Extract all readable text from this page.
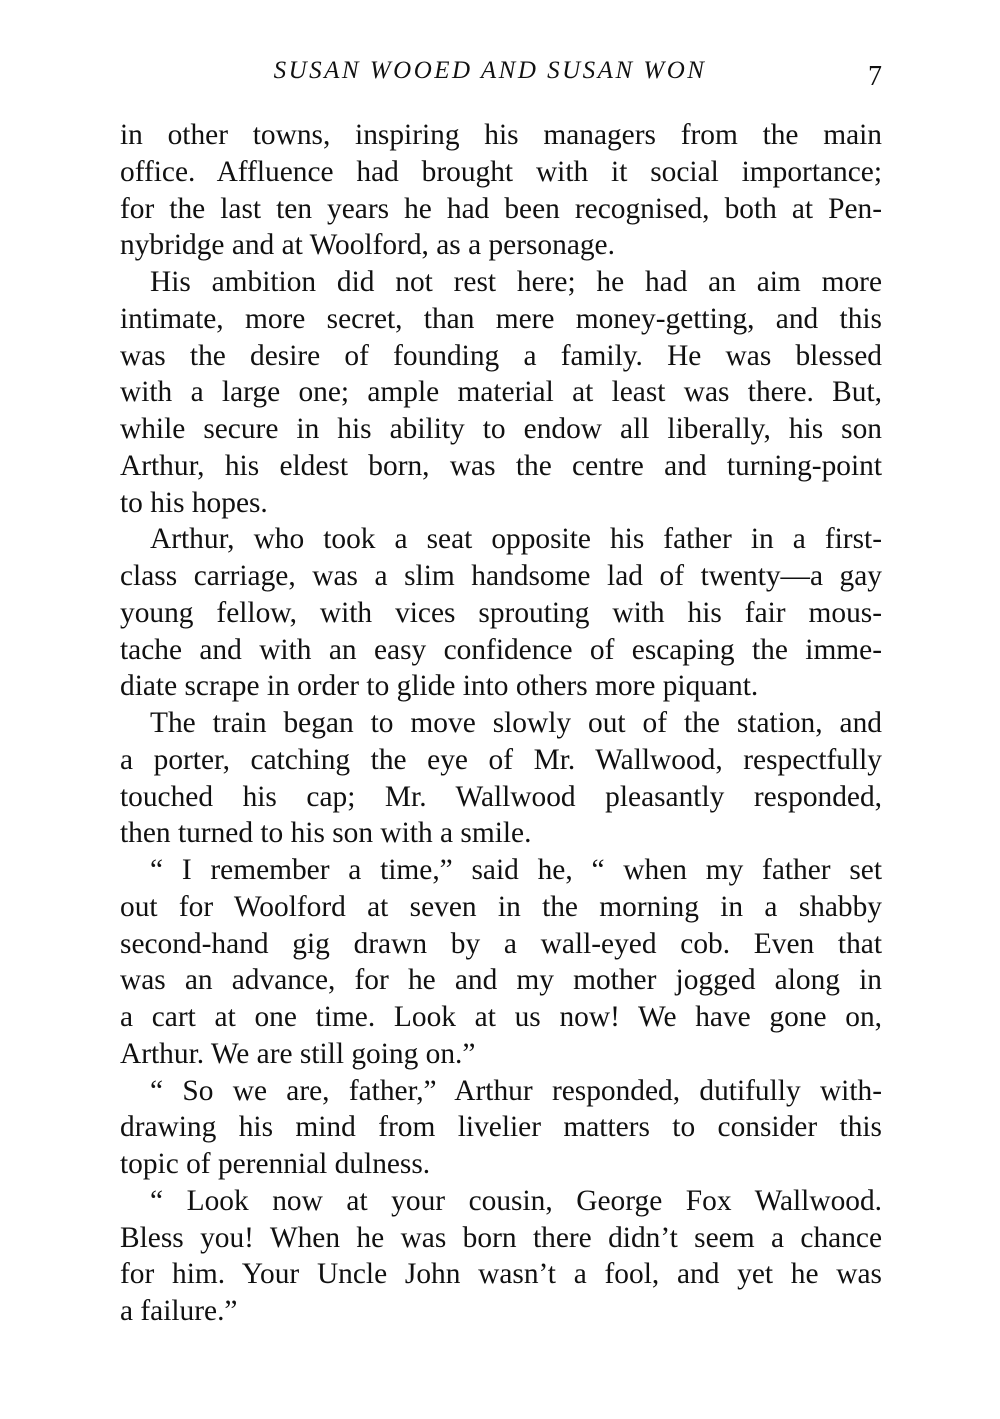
SUSAN WOOED AND SUSAN WON	7
in other towns, inspiring his managers from the main
office. Affluence had brought with it social importance;
for the last ten years he had been recognised, both at Pen-
nybridge and at Woolford, as a personage.
His ambition did not rest here; he had an aim more
intimate, more secret, than mere money-getting, and this
was the desire of founding a family. He was blessed
with a large one; ample material at least was there. But,
while secure in his ability to endow all liberally, his son
Arthur, his eldest born, was the centre and turning-point
to his hopes.
Arthur, who took a seat opposite his father in a first-
class carriage, was a slim handsome lad of twenty—a gay
young fellow, with vices sprouting with his fair mous-
tache and with an easy confidence of escaping the imme-
diate scrape in order to glide into others more piquant.
The train began to move slowly out of the station, and
a porter, catching the eye of Mr. Wallwood, respectfully
touched his cap; Mr. Wallwood pleasantly responded,
then turned to his son with a smile.
“ I remember a time,” said he, “ when my father set
out for Woolford at seven in the morning in a shabby
second-hand gig drawn by a wall-eyed cob. Even that
was an advance, for he and my mother jogged along in
a cart at one time. Look at us now! We have gone on,
Arthur. We are still going on.”
“ So we are, father,” Arthur responded, dutifully with-
drawing his mind from livelier matters to consider this
topic of perennial dulness.
“ Look now at your cousin, George Fox Wallwood.
Bless you! When he was born there didn’t seem a chance
for him. Your Uncle John wasn’t a fool, and yet he was
a failure.”
